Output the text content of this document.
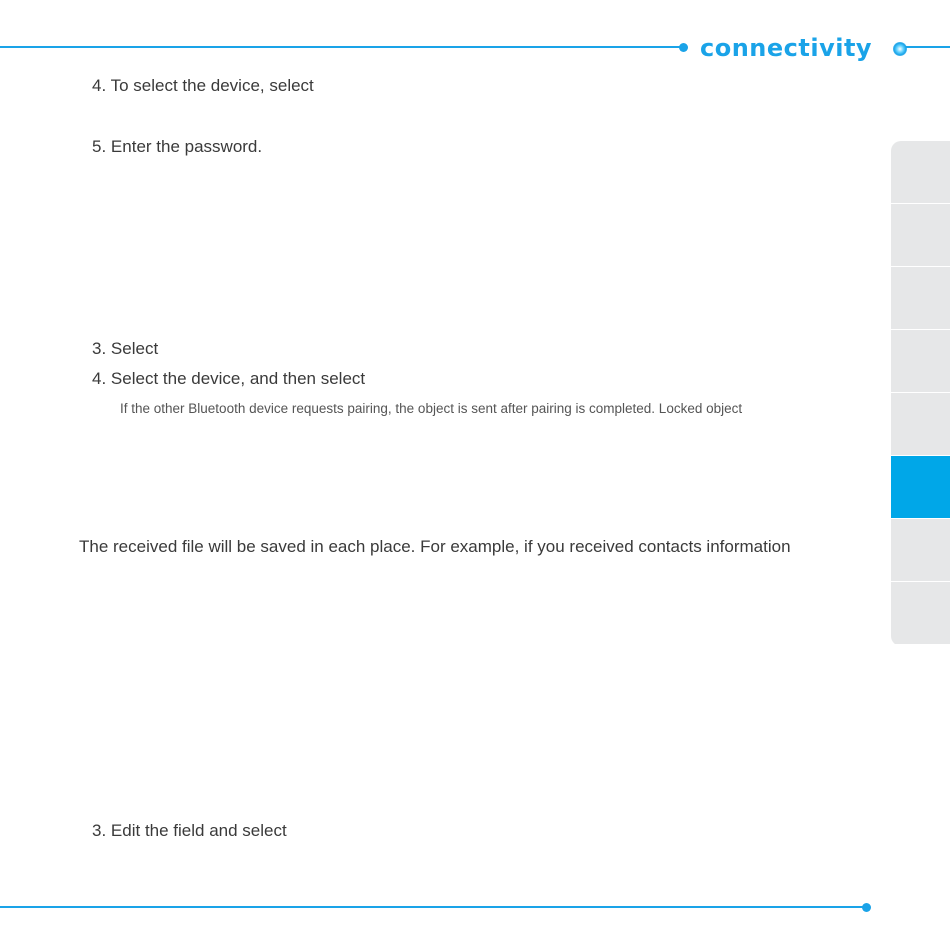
connectivity
4. To select the device, select
5. Enter the password.
3. Select
4. Select the device, and then select
If the other Bluetooth device requests pairing, the object is sent after pairing is completed. Locked object
The received file will be saved in each place. For example, if you received contacts information
3. Edit the field and select
